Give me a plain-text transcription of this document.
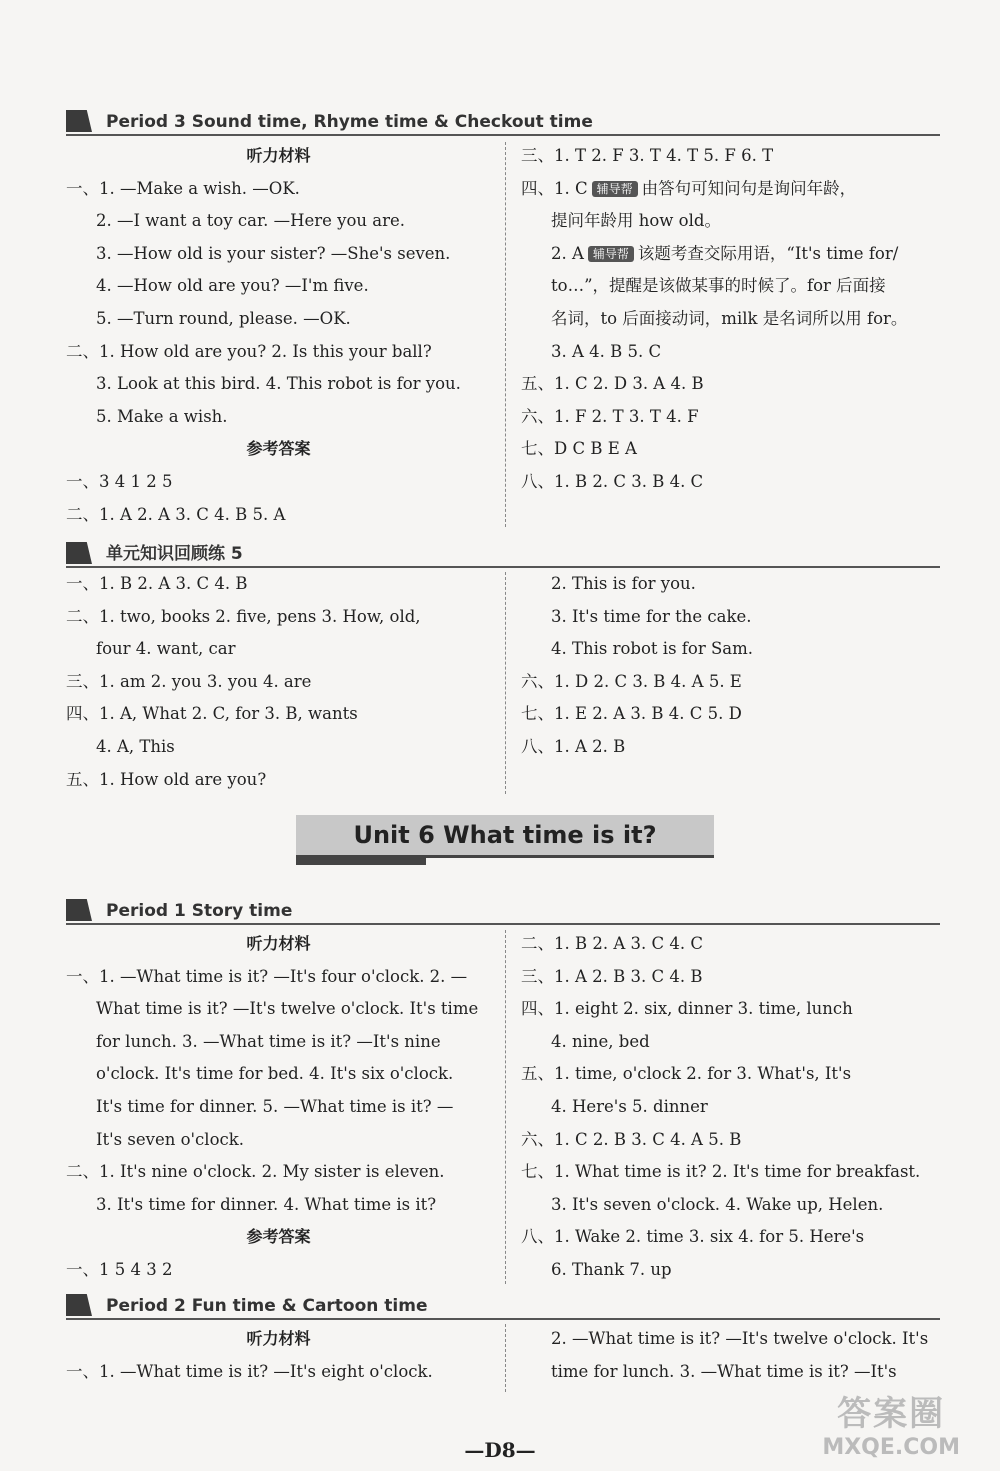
Period 3 Sound time, Rhyme time & Checkout time
听力材料
一、1. —Make a wish. —OK.
2. —I want a toy car. —Here you are.
3. —How old is your sister? —She's seven.
4. —How old are you? —I'm five.
5. —Turn round, please. —OK.
二、1. How old are you? 2. Is this your ball?
3. Look at this bird. 4. This robot is for you.
5. Make a wish.
参考答案
一、3 4 1 2 5
二、1. A 2. A 3. C 4. B 5. A
三、1. T 2. F 3. T 4. T 5. F 6. T
四、1. C 辅导帮 由答句可知问句是询问年龄，
提问年龄用 how old。
2. A 辅导帮 该题考查交际用语，“It's time for/
to…”，提醒是该做某事的时候了。for 后面接
名词，to 后面接动词，milk 是名词所以用 for。
3. A 4. B 5. C
五、1. C 2. D 3. A 4. B
六、1. F 2. T 3. T 4. F
七、D C B E A
八、1. B 2. C 3. B 4. C
单元知识回顾练 5
一、1. B 2. A 3. C 4. B
二、1. two, books 2. five, pens 3. How, old,
four 4. want, car
三、1. am 2. you 3. you 4. are
四、1. A, What 2. C, for 3. B, wants
4. A, This
五、1. How old are you?
2. This is for you.
3. It's time for the cake.
4. This robot is for Sam.
六、1. D 2. C 3. B 4. A 5. E
七、1. E 2. A 3. B 4. C 5. D
八、1. A 2. B
Unit 6 What time is it?
Period 1 Story time
听力材料
一、1. —What time is it? —It's four o'clock. 2. —
What time is it? —It's twelve o'clock. It's time
for lunch. 3. —What time is it? —It's nine
o'clock. It's time for bed. 4. It's six o'clock.
It's time for dinner. 5. —What time is it? —
It's seven o'clock.
二、1. It's nine o'clock. 2. My sister is eleven.
3. It's time for dinner. 4. What time is it?
参考答案
一、1 5 4 3 2
二、1. B 2. A 3. C 4. C
三、1. A 2. B 3. C 4. B
四、1. eight 2. six, dinner 3. time, lunch
4. nine, bed
五、1. time, o'clock 2. for 3. What's, It's
4. Here's 5. dinner
六、1. C 2. B 3. C 4. A 5. B
七、1. What time is it? 2. It's time for breakfast.
3. It's seven o'clock. 4. Wake up, Helen.
八、1. Wake 2. time 3. six 4. for 5. Here's
6. Thank 7. up
Period 2 Fun time & Cartoon time
听力材料
一、1. —What time is it? —It's eight o'clock.
2. —What time is it? —It's twelve o'clock. It's
time for lunch. 3. —What time is it? —It's
—D8—
答案圈
MXQE.COM
